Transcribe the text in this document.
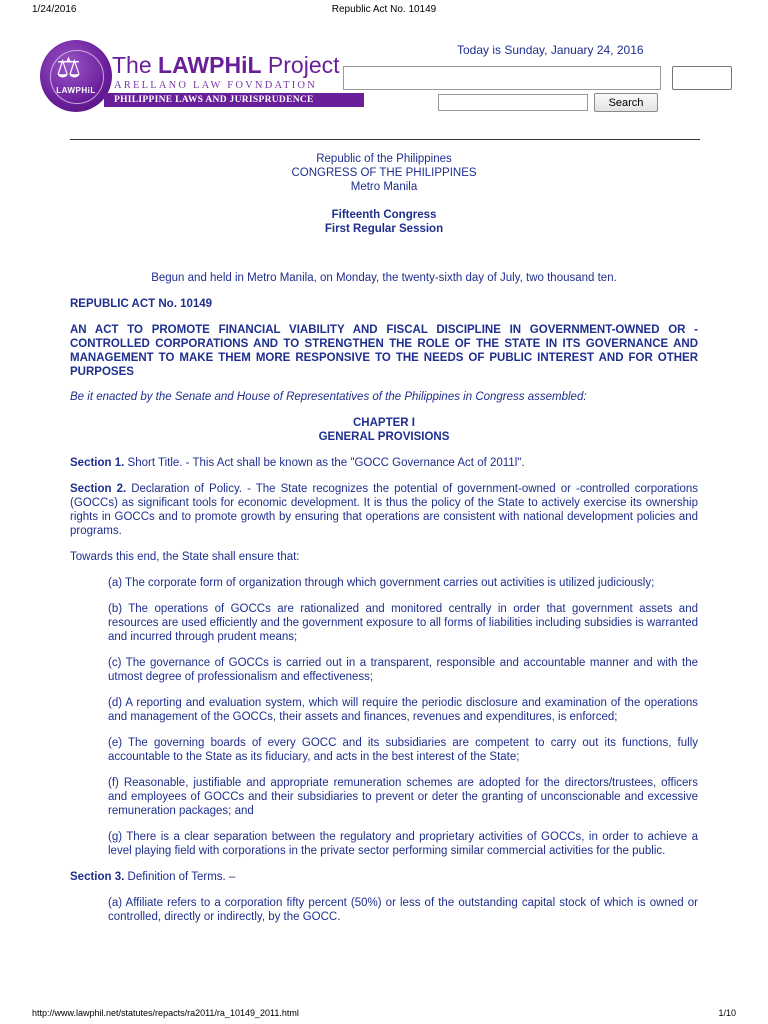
1/24/2016	Republic Act No. 10149
⚖
LAWPHiL
The LAWPHiL Project
ARELLANO LAW FOVNDATION
PHILIPPINE LAWS AND JURISPRUDENCE DATABANK
Today is Sunday, January 24, 2016
Search

Republic of the Philippines

CONGRESS OF THE PHILIPPINES

Metro Manila

Fifteenth Congress

First Regular Session

Begun and held in Metro Manila, on Monday, the twenty-sixth day of July, two thousand ten.

REPUBLIC ACT No. 10149

AN ACT TO PROMOTE FINANCIAL VIABILITY AND FISCAL DISCIPLINE IN GOVERNMENT-OWNED OR -CONTROLLED CORPORATIONS AND TO STRENGTHEN THE ROLE OF THE STATE IN ITS GOVERNANCE AND MANAGEMENT TO MAKE THEM MORE RESPONSIVE TO THE NEEDS OF PUBLIC INTEREST AND FOR OTHER PURPOSES

Be it enacted by the Senate and House of Representatives of the Philippines in Congress assembled:

CHAPTER I

GENERAL PROVISIONS

Section 1. Short Title. - This Act shall be known as the "GOCC Governance Act of 2011l".

Section 2. Declaration of Policy. - The State recognizes the potential of government-owned or -controlled corporations (GOCCs) as significant tools for economic development. It is thus the policy of the State to actively exercise its ownership rights in GOCCs and to promote growth by ensuring that operations are consistent with national development policies and programs.

Towards this end, the State shall ensure that:

(a) The corporate form of organization through which government carries out activities is utilized judiciously;

(b) The operations of GOCCs are rationalized and monitored centrally in order that government assets and resources are used efficiently and the government exposure to all forms of liabilities including subsidies is warranted and incurred through prudent means;

(c) The governance of GOCCs is carried out in a transparent, responsible and accountable manner and with the utmost degree of professionalism and effectiveness;

(d) A reporting and evaluation system, which will require the periodic disclosure and examination of the operations and management of the GOCCs, their assets and finances, revenues and expenditures, is enforced;

(e) The governing boards of every GOCC and its subsidiaries are competent to carry out its functions, fully accountable to the State as its fiduciary, and acts in the best interest of the State;

(f) Reasonable, justifiable and appropriate remuneration schemes are adopted for the directors/trustees, officers and employees of GOCCs and their subsidiaries to prevent or deter the granting of unconscionable and excessive remuneration packages; and

(g) There is a clear separation between the regulatory and proprietary activities of GOCCs, in order to achieve a level playing field with corporations in the private sector performing similar commercial activities for the public.

Section 3. Definition of Terms. –

(a) Affiliate refers to a corporation fifty percent (50%) or less of the outstanding capital stock of which is owned or controlled, directly or indirectly, by the GOCC.

http://www.lawphil.net/statutes/repacts/ra2011/ra_10149_2011.html	1/10
